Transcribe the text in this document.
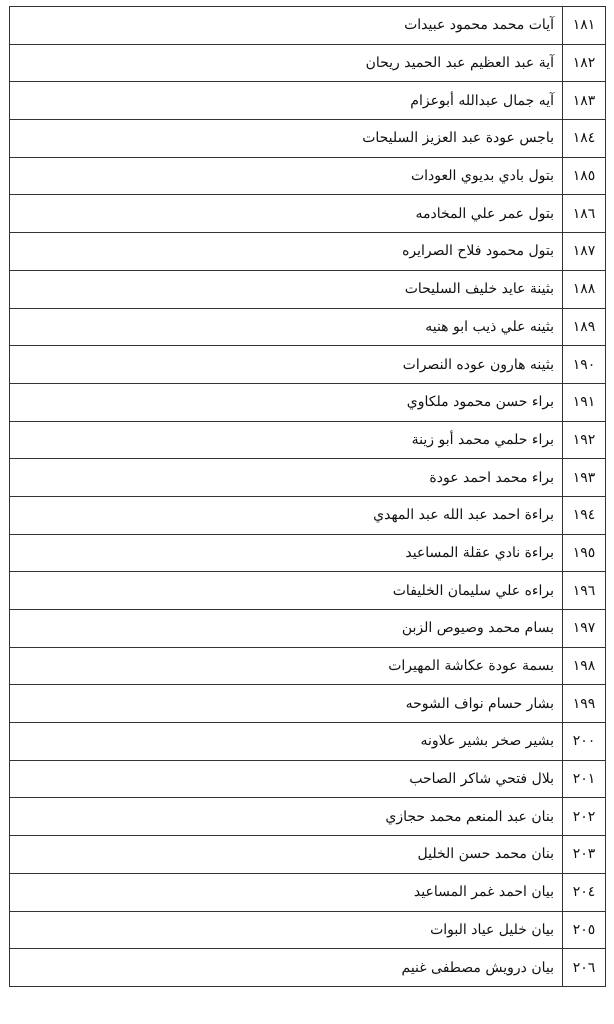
١٨١	آيات محمد محمود عبيدات
١٨٢	آية عبد العظيم عبد الحميد ريحان
١٨٣	آيه جمال عبدالله أبوعزام
١٨٤	باجس عودة عبد العزيز السليحات
١٨٥	بتول بادي بديوي العودات
١٨٦	بتول عمر علي المخادمه
١٨٧	بتول محمود فلاح الصرايره
١٨٨	بثينة عايد خليف السليحات
١٨٩	بثينه علي ذيب ابو هنيه
١٩٠	بثينه هارون عوده النصرات
١٩١	براء حسن محمود ملكاوي
١٩٢	براء حلمي محمد أبو زينة
١٩٣	براء محمد احمد عودة
١٩٤	براءة احمد عبد الله عبد المهدي
١٩٥	براءة نادي عقلة المساعيد
١٩٦	براءه علي سليمان الخليفات
١٩٧	بسام محمد وصيوص الزبن
١٩٨	بسمة عودة عكاشة المهيرات
١٩٩	بشار حسام نواف الشوحه
٢٠٠	بشير صخر بشير علاونه
٢٠١	بلال فتحي شاكر الصاحب
٢٠٢	بنان عبد المنعم محمد حجازي
٢٠٣	بنان محمد حسن الخليل
٢٠٤	بيان احمد غمر المساعيد
٢٠٥	بيان خليل عياد البوات
٢٠٦	بيان درويش مصطفى غنيم
